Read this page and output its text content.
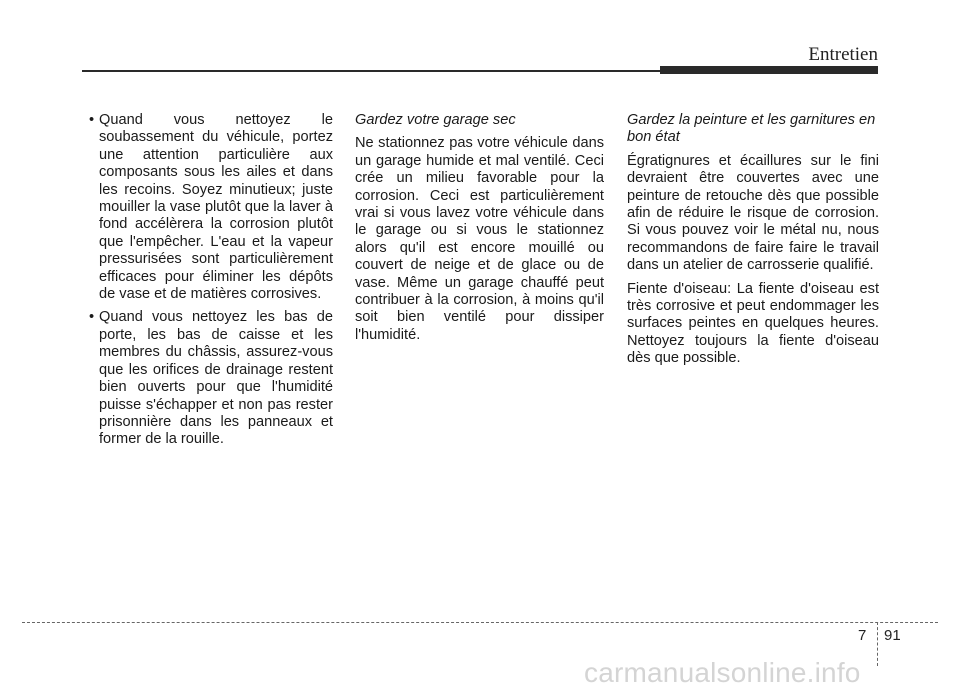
Entretien
• Quand vous nettoyez le soubassement du véhicule, portez une attention particulière aux composants sous les ailes et dans les recoins. Soyez minutieux; juste mouiller la vase plutôt que la laver à fond accélèrera la corrosion plutôt que l'empêcher. L'eau et la vapeur pressurisées sont particulièrement efficaces pour éliminer les dépôts de vase et de matières corrosives.
• Quand vous nettoyez les bas de porte, les bas de caisse et les membres du châssis, assurez-vous que les orifices de drainage restent bien ouverts pour que l'humidité puisse s'échapper et non pas rester prisonnière dans les panneaux et former de la rouille.

Gardez votre garage sec

Ne stationnez pas votre véhicule dans un garage humide et mal ventilé. Ceci crée un milieu favorable pour la corrosion. Ceci est particulièrement vrai si vous lavez votre véhicule dans le garage ou si vous le stationnez alors qu'il est encore mouillé ou couvert de neige et de glace ou de vase. Même un garage chauffé peut contribuer à la corrosion, à moins qu'il soit bien ventilé pour dissiper l'humidité.

Gardez la peinture et les garnitures en bon état

Égratignures et écaillures sur le fini devraient être couvertes avec une peinture de retouche dès que possible afin de réduire le risque de corrosion. Si vous pouvez voir le métal nu, nous recommandons de faire faire le travail dans un atelier de carrosserie qualifié.

Fiente d'oiseau: La fiente d'oiseau est très corrosive et peut endommager les surfaces peintes en quelques heures. Nettoyez toujours la fiente d'oiseau dès que possible.

7 91
carmanualsonline.info
